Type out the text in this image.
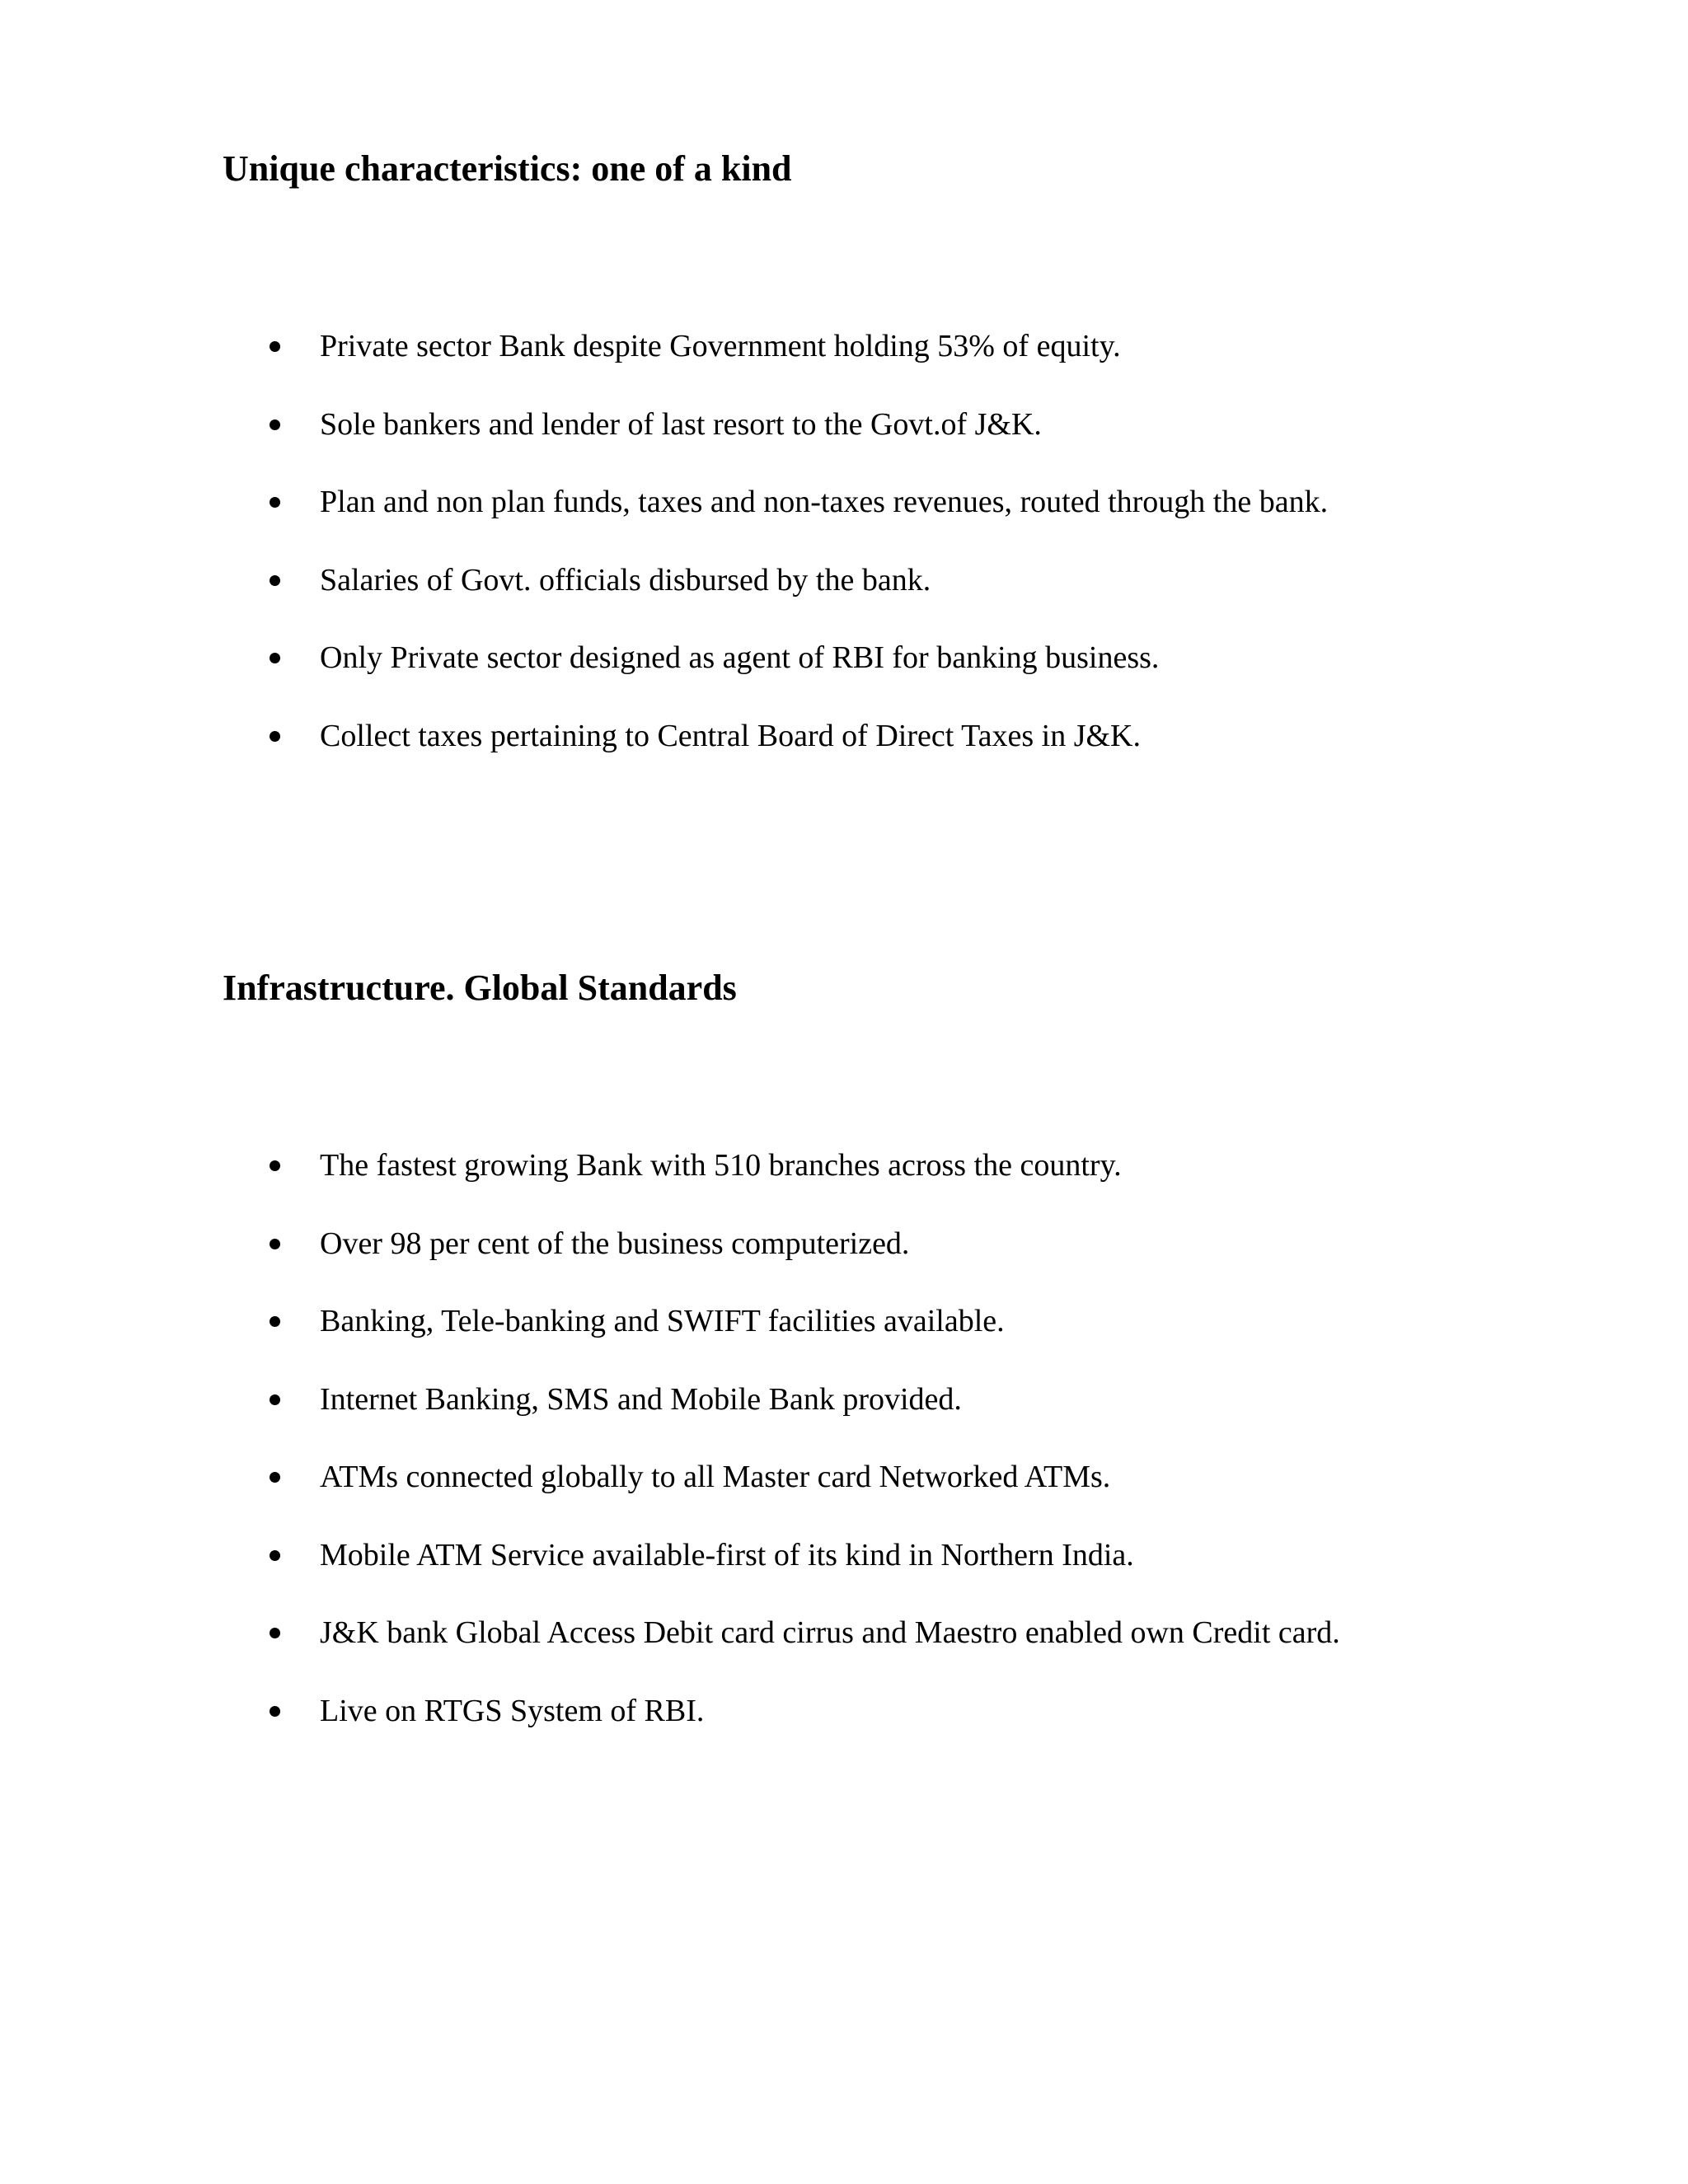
Unique characteristics: one of a kind
Private sector Bank despite Government holding 53% of equity.
Sole bankers and lender of last resort to the Govt.of J&K.
Plan and non plan funds, taxes and non-taxes revenues, routed through the bank.
Salaries of Govt. officials disbursed by the bank.
Only Private sector designed as agent of RBI for banking business.
Collect taxes pertaining to Central Board of Direct Taxes in J&K.
Infrastructure. Global Standards
The fastest growing Bank with 510 branches across the country.
Over 98 per cent of the business computerized.
Banking, Tele-banking and SWIFT facilities available.
Internet Banking, SMS and Mobile Bank provided.
ATMs connected globally to all Master card Networked ATMs.
Mobile ATM Service available-first of its kind in Northern India.
J&K bank Global Access Debit card cirrus and Maestro enabled own Credit card.
Live on RTGS System of RBI.
